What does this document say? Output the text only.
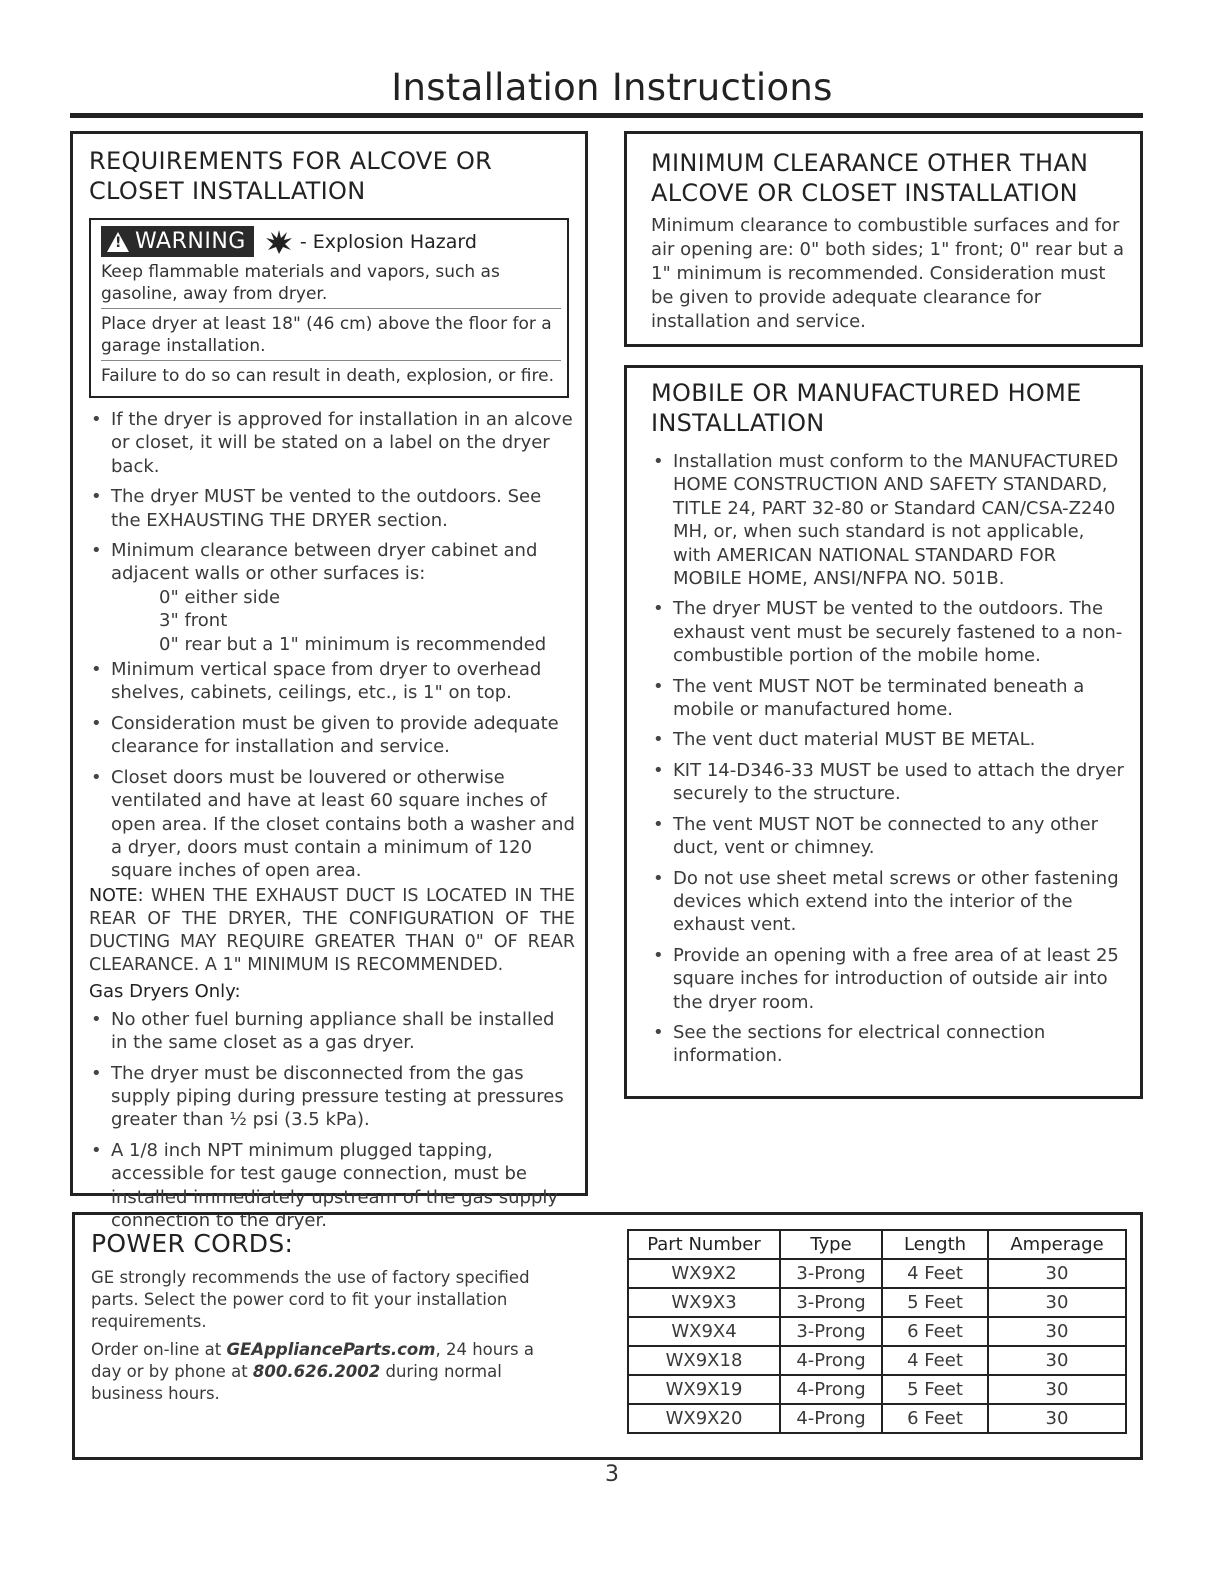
Installation Instructions
REQUIREMENTS FOR ALCOVE OR CLOSET INSTALLATION
! WARNING	- Explosion Hazard
Keep flammable materials and vapors, such as gasoline, away from dryer.
Place dryer at least 18" (46 cm) above the floor for a garage installation.
Failure to do so can result in death, explosion, or fire.
• If the dryer is approved for installation in an alcove or closet, it will be stated on a label on the dryer back.
• The dryer MUST be vented to the outdoors. See the EXHAUSTING THE DRYER section.
• Minimum clearance between dryer cabinet and adjacent walls or other surfaces is:
0" either side
3" front
0" rear but a 1" minimum is recommended
• Minimum vertical space from dryer to overhead shelves, cabinets, ceilings, etc., is 1" on top.
• Consideration must be given to provide adequate clearance for installation and service.
• Closet doors must be louvered or otherwise ventilated and have at least 60 square inches of open area. If the closet contains both a washer and a dryer, doors must contain a minimum of 120 square inches of open area.

NOTE: WHEN THE EXHAUST DUCT IS LOCATED IN THE REAR OF THE DRYER, THE CONFIGURATION OF THE DUCTING MAY REQUIRE GREATER THAN 0" OF REAR CLEARANCE. A 1" MINIMUM IS RECOMMENDED.

Gas Dryers Only:
• No other fuel burning appliance shall be installed in the same closet as a gas dryer.
• The dryer must be disconnected from the gas supply piping during pressure testing at pressures greater than ½ psi (3.5 kPa).
• A 1/8 inch NPT minimum plugged tapping, accessible for test gauge connection, must be installed immediately upstream of the gas supply connection to the dryer.
MINIMUM CLEARANCE OTHER THAN ALCOVE OR CLOSET INSTALLATION

Minimum clearance to combustible surfaces and for air opening are: 0" both sides; 1" front; 0" rear but a 1" minimum is recommended. Consideration must be given to provide adequate clearance for installation and service.

MOBILE OR MANUFACTURED HOME INSTALLATION
• Installation must conform to the MANUFACTURED HOME CONSTRUCTION AND SAFETY STANDARD, TITLE 24, PART 32-80 or Standard CAN/CSA-Z240 MH, or, when such standard is not applicable, with AMERICAN NATIONAL STANDARD FOR MOBILE HOME, ANSI/NFPA NO. 501B.
• The dryer MUST be vented to the outdoors. The exhaust vent must be securely fastened to a non-combustible portion of the mobile home.
• The vent MUST NOT be terminated beneath a mobile or manufactured home.
• The vent duct material MUST BE METAL.
• KIT 14-D346-33 MUST be used to attach the dryer securely to the structure.
• The vent MUST NOT be connected to any other duct, vent or chimney.
• Do not use sheet metal screws or other fastening devices which extend into the interior of the exhaust vent.
• Provide an opening with a free area of at least 25 square inches for introduction of outside air into the dryer room.
• See the sections for electrical connection information.
POWER CORDS:

GE strongly recommends the use of factory specified parts. Select the power cord to fit your installation requirements.

Order on-line at GEApplianceParts.com, 24 hours a day or by phone at 800.626.2002 during normal business hours.

Part Number	Type	Length	Amperage
WX9X2	3-Prong	4 Feet	30
WX9X3	3-Prong	5 Feet	30
WX9X4	3-Prong	6 Feet	30
WX9X18	4-Prong	4 Feet	30
WX9X19	4-Prong	5 Feet	30
WX9X20	4-Prong	6 Feet	30
3
